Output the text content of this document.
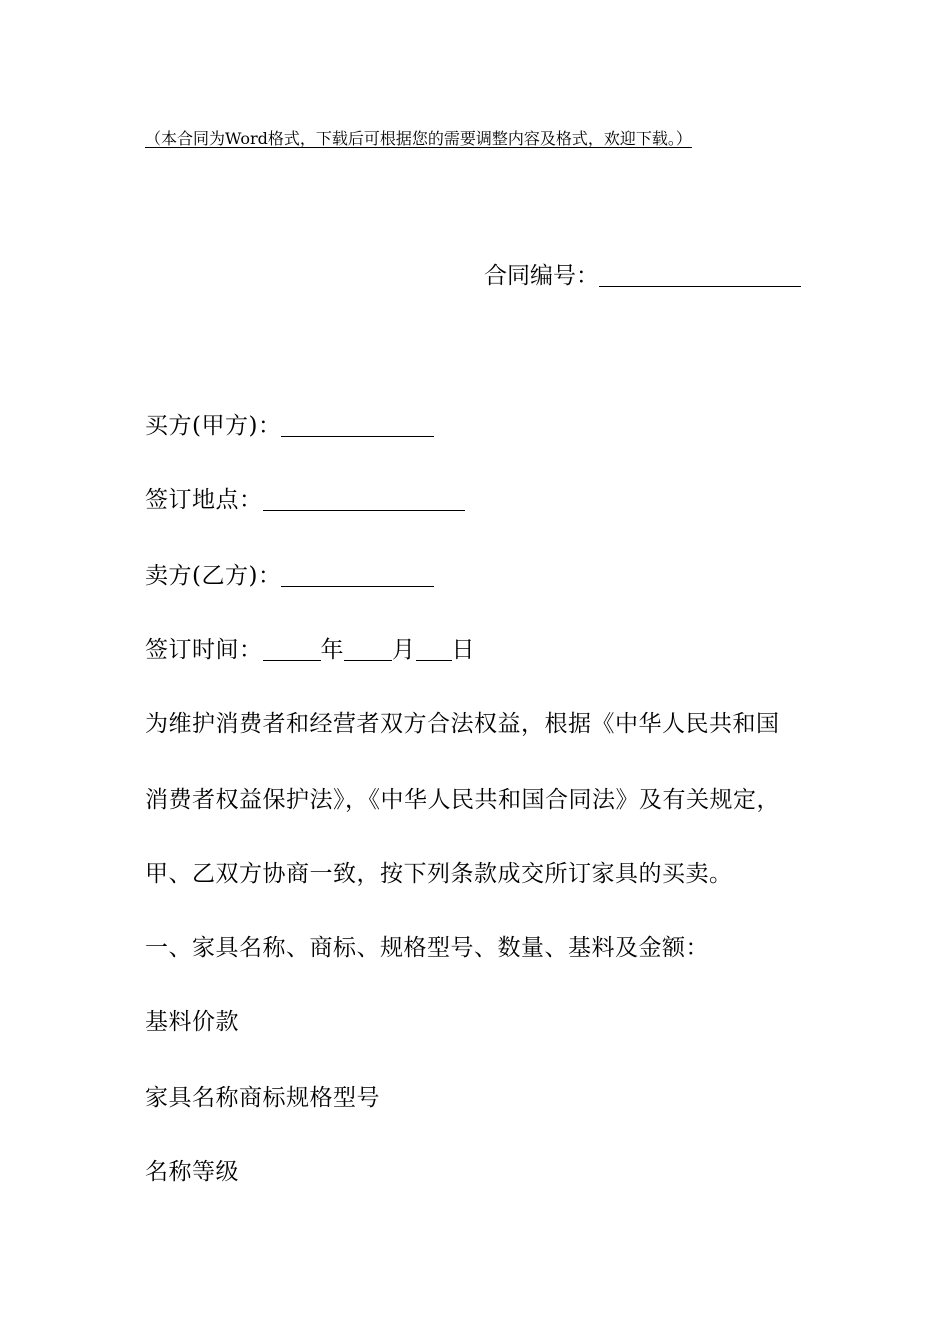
（本合同为Word格式，下载后可根据您的需要调整内容及格式，欢迎下载。）
合同编号：
买方(甲方)：
签订地点：
卖方(乙方)：
签订时间：	年 月 日
为维护消费者和经营者双方合法权益，根据《中华人民共和国
消费者权益保护法》，《中华人民共和国合同法》及有关规定，
甲、乙双方协商一致，按下列条款成交所订家具的买卖。
一、家具名称、商标、规格型号、数量、基料及金额：
基料价款
家具名称商标规格型号
名称等级
